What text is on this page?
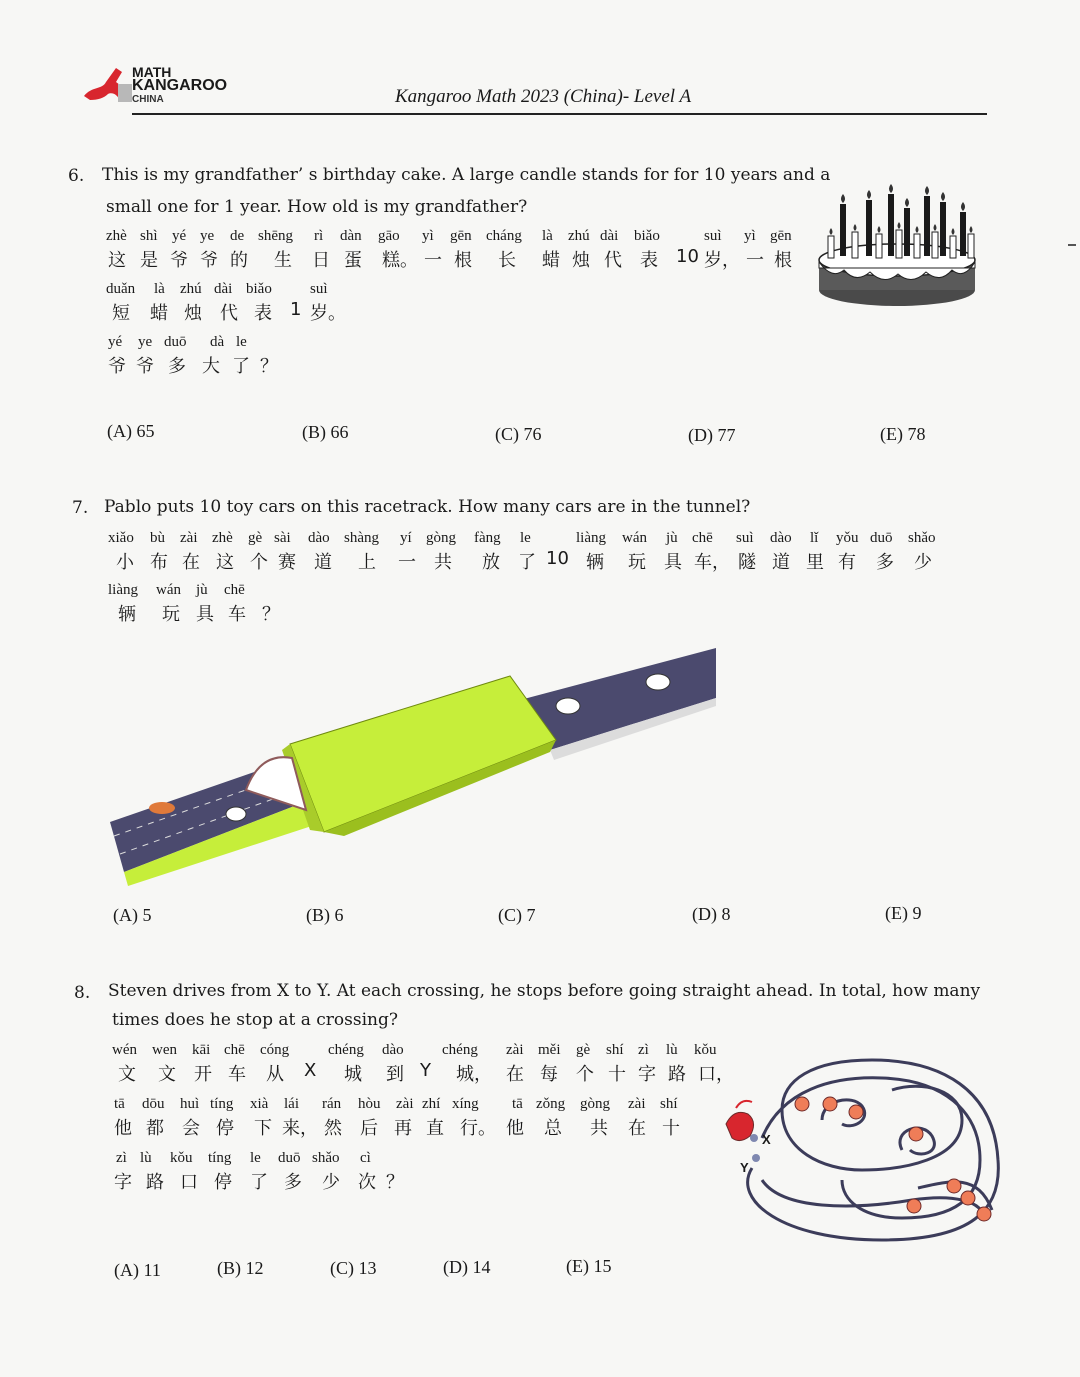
MATH
KANGAROO
CHINA	Kangaroo Math 2023 (China)- Level A
6. This is my grandfather’ s birthday cake. A large candle stands for for 10 years and a
small one for 1 year. How old is my grandfather?
zhè shì yé ye de shēng rì dàn gāo yì gēn cháng là zhú dài biǎo	suì yì gēn
这 是 爷 爷 的 生 日 蛋 糕。 一 根 长 蜡 烛 代 表 10 岁， 一 根
duǎn là zhú dài biǎo	suì
短 蜡 烛 代 表 1 岁。
yé ye duō dà le
爷 爷 多 大 了 ？
(A) 65	(B) 66	(C) 76	(D) 77	(E) 78
7. Pablo puts 10 toy cars on this racetrack. How many cars are in the tunnel?
xiǎo bù zài zhè gè sài dào shàng yí gòng fàng le	liàng wán jù chē suì dào lǐ yǒu duō shǎo
小 布 在 这 个 赛 道 上 一 共 放 了 10 辆 玩 具 车， 隧 道 里 有 多 少
liàng wán jù chē
辆 玩 具 车 ？
(A) 5	(B) 6	(C) 7	(D) 8	(E) 9
8. Steven drives from X to Y. At each crossing, he stops before going straight ahead. In total, how many
times does he stop at a crossing?
wén wen kāi chē cóng	chéng dào	chéng zài měi gè shí zì lù kǒu
文 文 开 车 从 X 城 到 Y 城， 在 每 个 十 字 路 口，
tā dōu huì tíng xià lái rán hòu zài zhí xíng tā zǒng gòng zài shí
他 都 会 停 下 来， 然 后 再 直 行。 他 总 共 在 十
zì lù kǒu tíng le duō shǎo cì
字 路 口 停 了 多 少 次 ？
X
Y
(A) 11	(B) 12	(C) 13	(D) 14	(E) 15
